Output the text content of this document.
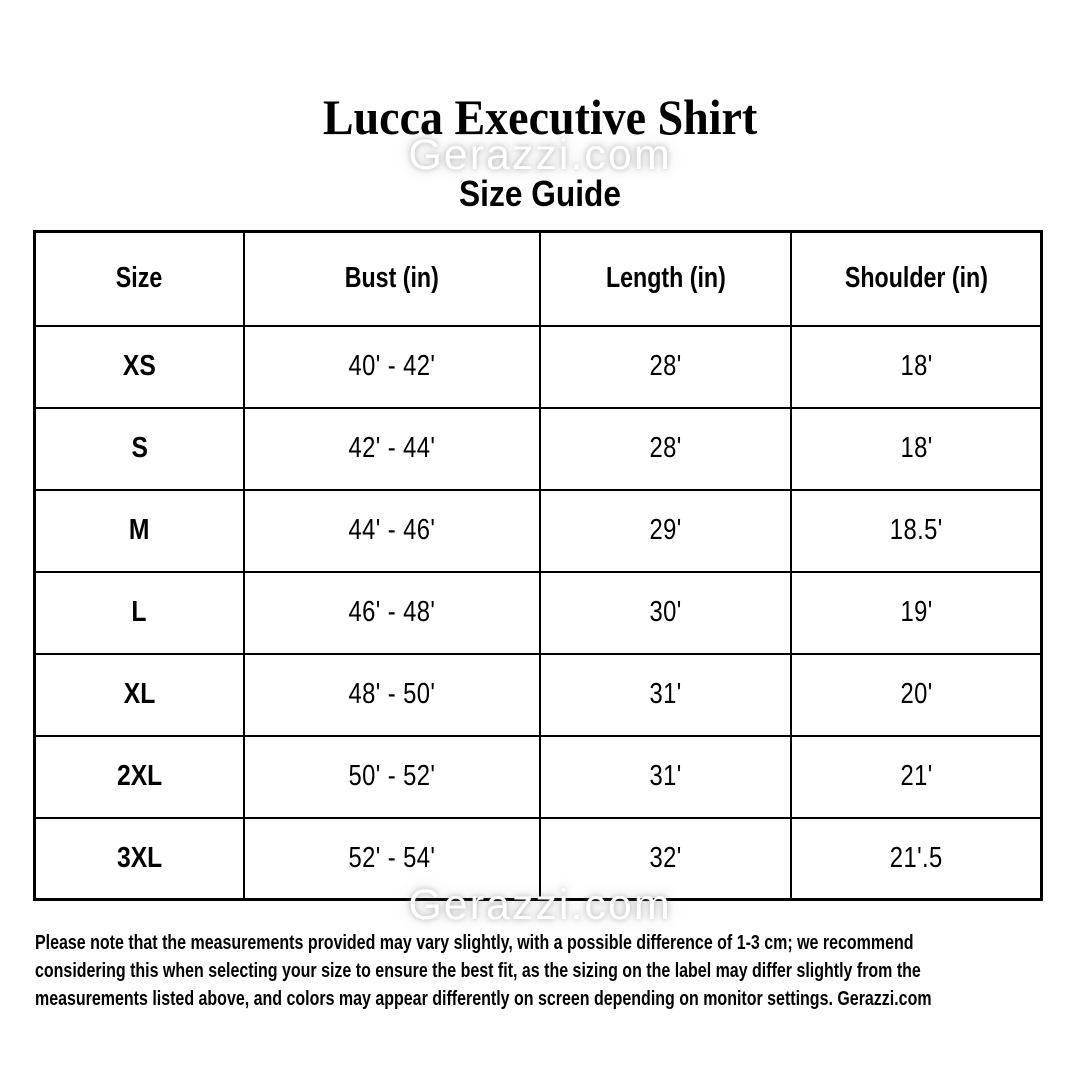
Lucca Executive Shirt
Gerazzi.com
Size Guide
Size	Bust (in)	Length (in)	Shoulder (in)
XS	40' - 42'	28'	18'
S	42' - 44'	28'	18'
M	44' - 46'	29'	18.5'
L	46' - 48'	30'	19'
XL	48' - 50'	31'	20'
2XL	50' - 52'	31'	21'
3XL	52' - 54'	32'	21'.5
Gerazzi.com
Please note that the measurements provided may vary slightly, with a possible difference of 1-3 cm; we recommend
considering this when selecting your size to ensure the best fit, as the sizing on the label may differ slightly from the
measurements listed above, and colors may appear differently on screen depending on monitor settings. Gerazzi.com
